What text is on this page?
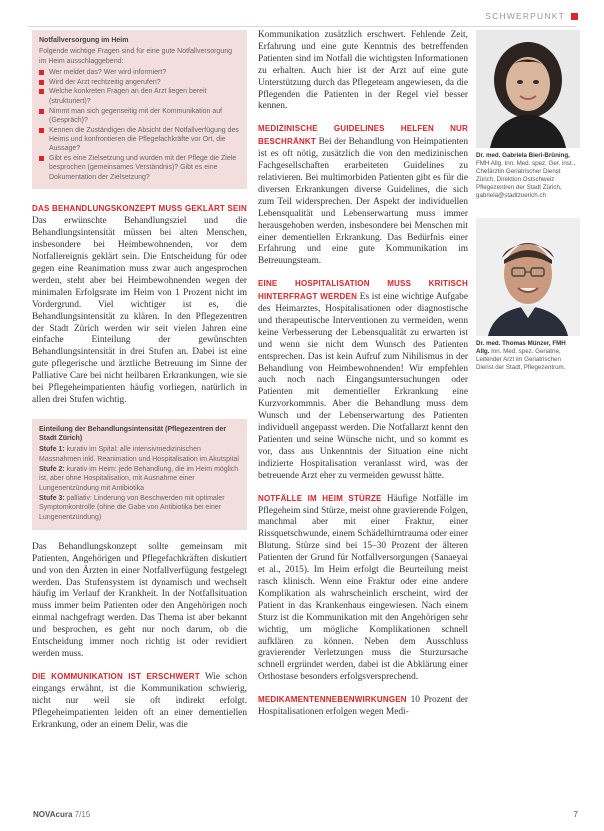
SCHWERPUNKT
Notfallversorgung im Heim

Folgende wichtige Fragen sind für eine gute Notfallversorgung im Heim ausschlaggebend:

Wer meldet das? Wer wird informiert?
Wird der Arzt rechtzeitig angerufen?
Welche konkreten Fragen an den Arzt liegen bereit (strukturiert)?
Nimmt man sich gegenseitig mit der Kommunikation auf (Gespräch)?
Kennen die Zuständigen die Absicht der Notfallverfügung des Heims und konfrontieren die Pflegefachkräfte vor Ort, die Aussage?
Gibt es eine Zielsetzung und wurden mit der Pflege die Ziele besprochen (gemeinsames Verständnis)? Gibt es eine Dokumentation der Zielsetzung?

DAS BEHANDLUNGSKONZEPT MUSS GEKLÄRT SEIN Das erwünschte Behandlungsziel und die Behandlungsintensität müssen bei alten Menschen, insbesondere bei Heimbewohnenden, vor dem Notfallereignis geklärt sein. Die Entscheidung für oder gegen eine Reanimation muss zwar auch angesprochen werden, steht aber bei Heimbewohnenden wegen der minimalen Erfolgsrate im Heim von 1 Prozent nicht im Vordergrund. Viel wichtiger ist es, die Behandlungsintensität zu klären. In den Pflegezentren der Stadt Zürich werden wir seit vielen Jahren eine einfache Einteilung der gewünschten Behandlungsintensität in drei Stufen an. Dabei ist eine gute pflegerische und ärztliche Betreuung im Sinne der Palliative Care bei nicht heilbaren Erkrankungen, wie sie bei Pflegeheimpatienten häufig vorliegen, natürlich in allen drei Stufen wichtig.

Einteilung der Behandlungsintensität (Pflegezentren der Stadt Zürich)

Stufe 1: kurativ im Spital: alle intensivmedizinischen Massnahmen inkl. Reanimation und Hospitalisation im Akutspital

Stufe 2: kurativ im Heim: jede Behandlung, die im Heim möglich ist, aber ohne Hospitalisation, mit Ausnahme einer Lungenentzündung mit Antibiotika

Stufe 3: palliativ: Linderung von Beschwerden mit optimaler Symptomkontrolle (ohne die Gabe von Antibiotika bei einer Lungenentzündung)

Das Behandlungskonzept sollte gemeinsam mit Patienten, Angehörigen und Pflegefachkräften diskutiert und von den Ärzten in einer Notfallverfügung festgelegt werden. Das Stufensystem ist dynamisch und wechselt häufig im Verlauf der Krankheit. In der Notfallsituation muss immer beim Patienten oder den Angehörigen noch einmal nachgefragt werden. Das Thema ist aber bekannt und besprochen, es geht nur noch darum, ob die Entscheidung immer noch richtig ist oder revidiert werden muss.

DIE KOMMUNIKATION IST ERSCHWERT Wie schon eingangs erwähnt, ist die Kommunikation schwierig, nicht nur weil sie oft indirekt erfolgt. Pflegeheimpatienten leiden oft an einer dementiellen Erkrankung, oder an einem Delir, was die

Kommunikation zusätzlich erschwert. Fehlende Zeit, Erfahrung und eine gute Kenntnis des betreffenden Patienten sind im Notfall die wichtigsten Informationen zu erhalten. Auch hier ist der Arzt auf eine gute Unterstützung durch das Pflegeteam angewiesen, da die Pflegenden die Patienten in der Regel viel besser kennen.

MEDIZINISCHE GUIDELINES HELFEN NUR BESCHRÄNKT Bei der Behandlung von Heimpatienten ist es oft nötig, zusätzlich die von den medizinischen Fachgesellschaften erarbeiteten Guidelines zu relativieren. Bei multimorbiden Patienten gibt es für die diversen Erkrankungen diverse Guidelines, die sich zum Teil widersprechen. Der Aspekt der individuellen Lebensqualität und Lebenserwartung muss immer herausgehoben werden, insbesondere bei Menschen mit einer dementiellen Erkrankung. Das Bedürfnis einer Erfahrung und eine gute Kommunikation im Betreuungsteam.

EINE HOSPITALISATION MUSS KRITISCH HINTERFRAGT WERDEN Es ist eine wichtige Aufgabe des Heimarztes, Hospitalisationen oder diagnostische und therapeutische Interventionen zu vermeiden, wenn keine Verbesserung der Lebensqualität zu erwarten ist und wenn sie nicht dem Wunsch des Patienten entsprechen. Das ist kein Aufruf zum Nihilismus in der Behandlung von Heimbewohnenden! Wir empfehlen auch noch nach Eingangsuntersuchungen oder Patienten mit dementieller Erkrankung eine Kurzvorkommnis. Aber die Behandlung muss dem Wunsch und der Lebenserwartung des Patienten individuell angepasst werden. Die Notfallarzt kennt den Patienten und seine Wünsche nicht, und so kommt es vor, dass aus Unkenntnis der Situation eine nicht indizierte Hospitalisation veranlasst wird, was der betreuende Arzt eher zu vermeiden gewusst hätte.

NOTFÄLLE IM HEIM STÜRZE Häufige Notfälle im Pflegeheim sind Stürze, meist ohne gravierende Folgen, manchmal aber mit einer Fraktur, einer Rissquetschwunde, einem Schädelhirntrauma oder einer Blutung. Stürze sind bei 15–30 Prozent der älteren Patienten der Grund für Notfallversorgungen (Sanaeyai et al., 2015). Im Heim erfolgt die Beurteilung meist rasch klinisch. Wenn eine Fraktur oder eine andere Komplikation als wahrscheinlich erscheint, wird der Patient in das Krankenhaus eingewiesen. Nach einem Sturz ist die Kommunikation mit den Angehörigen sehr wichtig, um mögliche Komplikationen schnell aufklären zu können. Neben dem Ausschluss gravierender Verletzungen muss die Sturzursache schnell ergründet werden, dabei ist die Abklärung einer Orthostase besonders erfolgsversprechend.

MEDIKAMENTENNEBENWIRKUNGEN 10 Prozent der Hospitalisationen erfolgen wegen Medi-

Dr. med. Gabriela Bieri-Brüning, FMH Allg. Inn. Med. spez. Ger. inst., Chefärztin Geriatrischer Dienst Zürich, Direktion Ostschweiz Pflegezentren der Stadt Zürich, gabriela@stadtzuerich.ch
Dr. med. Thomas Münzer, FMH Allg. Inn. Med. spez. Geriatrie, Leitender Arzt im Geriatrischen Dienst der Stadt, Pflegezentrum.
NOVAcura 7/15	7
